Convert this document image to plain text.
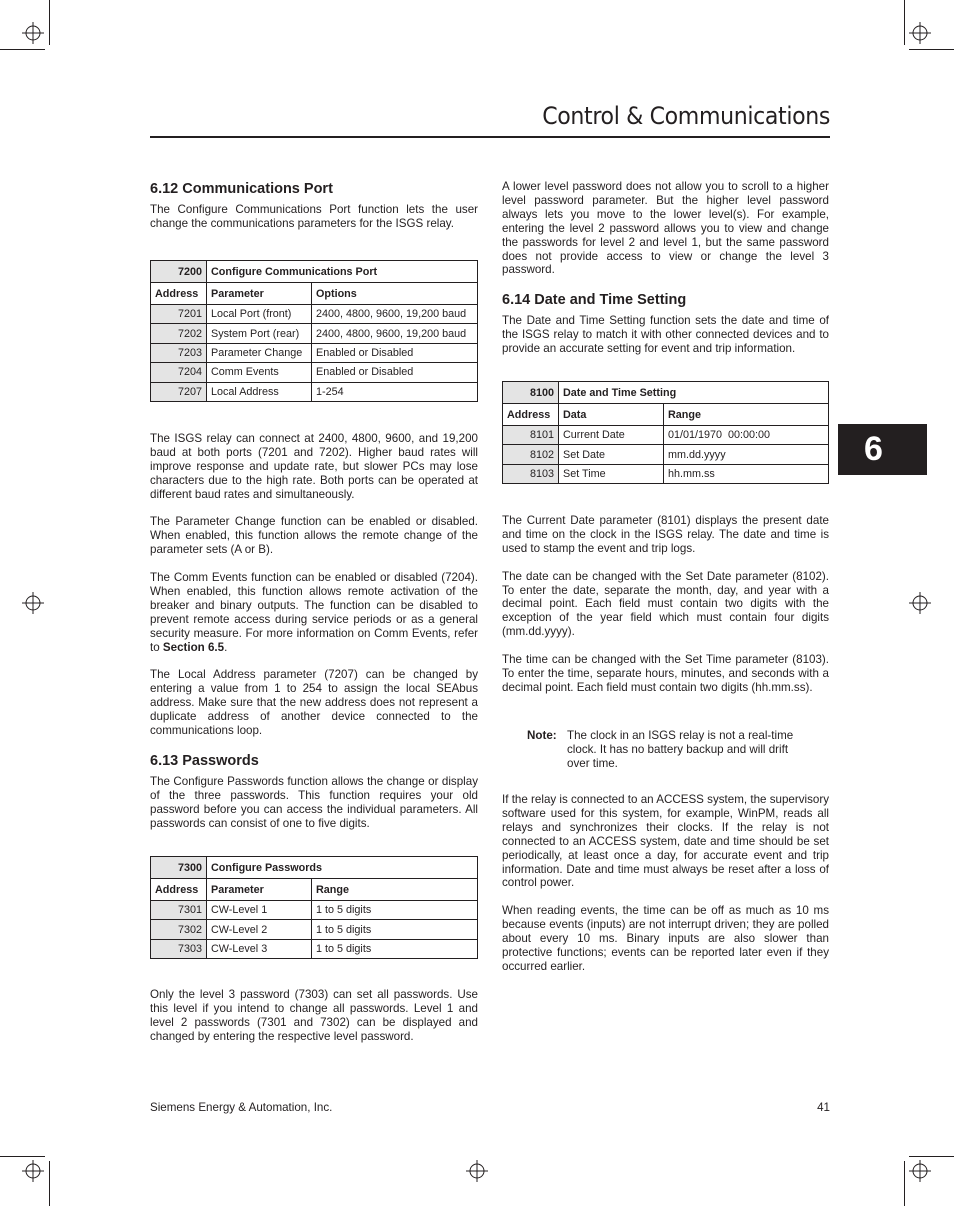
Control & Communications
6
6.12 Communications Port

The Configure Communications Port function lets the user change the communications parameters for the ISGS relay.

7200	Configure Communications Port	
Address	Parameter	Options
7201	Local Port (front)	2400, 4800, 9600, 19,200 baud
7202	System Port (rear)	2400, 4800, 9600, 19,200 baud
7203	Parameter Change	Enabled or Disabled
7204	Comm Events	Enabled or Disabled
7207	Local Address	1-254

The ISGS relay can connect at 2400, 4800, 9600, and 19,200 baud at both ports (7201 and 7202). Higher baud rates will improve response and update rate, but slower PCs may lose characters due to the high rate. Both ports can be operated at different baud rates and simultaneously.

The Parameter Change function can be enabled or disabled. When enabled, this function allows the remote change of the parameter sets (A or B).

The Comm Events function can be enabled or disabled (7204). When enabled, this function allows remote activation of the breaker and binary outputs. The function can be disabled to prevent remote access during service periods or as a general security measure. For more information on Comm Events, refer to Section 6.5.

The Local Address parameter (7207) can be changed by entering a value from 1 to 254 to assign the local SEAbus address. Make sure that the new address does not represent a duplicate address of another device connected to the communications loop.

6.13 Passwords

The Configure Passwords function allows the change or display of the three passwords. This function requires your old password before you can access the individual parameters. All passwords can consist of one to five digits.

7300	Configure Passwords	
Address	Parameter	Range
7301	CW-Level 1	1 to 5 digits
7302	CW-Level 2	1 to 5 digits
7303	CW-Level 3	1 to 5 digits

Only the level 3 password (7303) can set all passwords. Use this level if you intend to change all passwords. Level 1 and level 2 passwords (7301 and 7302) can be displayed and changed by entering the respective level password.

A lower level password does not allow you to scroll to a higher level password parameter. But the higher level password always lets you move to the lower level(s). For example, entering the level 2 password allows you to view and change the passwords for level 2 and level 1, but the same password does not provide access to view or change the level 3 password.

6.14 Date and Time Setting

The Date and Time Setting function sets the date and time of the ISGS relay to match it with other connected devices and to provide an accurate setting for event and trip information.

8100	Date and Time Setting	
Address	Data	Range
8101	Current Date	01/01/1970  00:00:00
8102	Set Date	mm.dd.yyyy
8103	Set Time	hh.mm.ss

The Current Date parameter (8101) displays the present date and time on the clock in the ISGS relay. The date and time is used to stamp the event and trip logs.

The date can be changed with the Set Date parameter (8102). To enter the date, separate the month, day, and year with a decimal point. Each field must contain two digits with the exception of the year field which must contain four digits (mm.dd.yyyy).

The time can be changed with the Set Time parameter (8103). To enter the time, separate hours, minutes, and seconds with a decimal point. Each field must contain two digits (hh.mm.ss).

Note: The clock in an ISGS relay is not a real-time clock. It has no battery backup and will drift over time.

If the relay is connected to an ACCESS system, the supervisory software used for this system, for example, WinPM, reads all relays and synchronizes their clocks. If the relay is not connected to an ACCESS system, date and time should be set periodically, at least once a day, for accurate event and trip information. Date and time must always be reset after a loss of control power.

When reading events, the time can be off as much as 10 ms because events (inputs) are not interrupt driven; they are polled about every 10 ms. Binary inputs are also slower than protective functions; events can be reported later even if they occurred earlier.

Siemens Energy & Automation, Inc.	41
